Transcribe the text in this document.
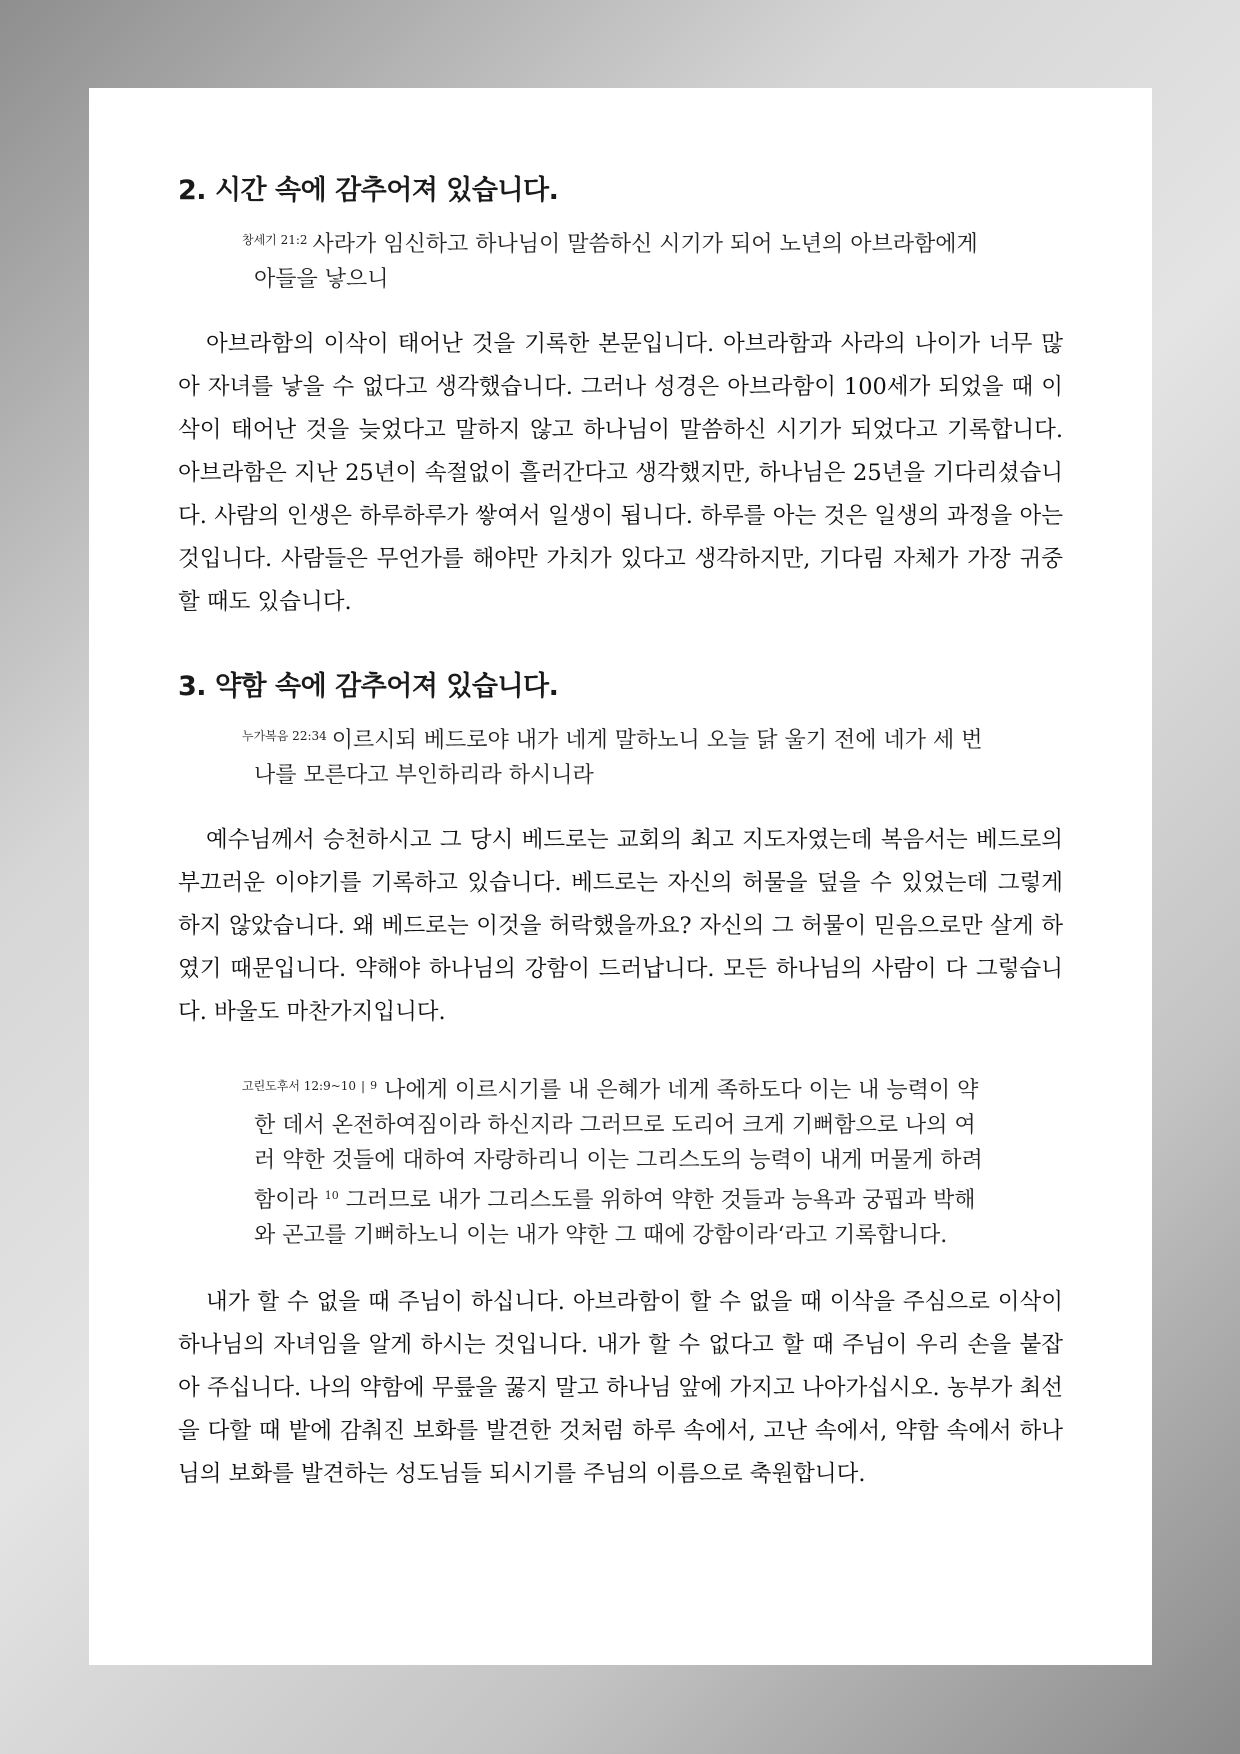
2. 시간 속에 감추어져 있습니다.

$^{창세기 21:2}$ 사라가 임신하고 하나님이 말씀하신 시기가 되어 노년의 아브라함에게 아들을 낳으니

아브라함의 이삭이 태어난 것을 기록한 본문입니다. 아브라함과 사라의 나이가 너무 많아 자녀를 낳을 수 없다고 생각했습니다. 그러나 성경은 아브라함이 100세가 되었을 때 이삭이 태어난 것을 늦었다고 말하지 않고 하나님이 말씀하신 시기가 되었다고 기록합니다. 아브라함은 지난 25년이 속절없이 흘러간다고 생각했지만, 하나님은 25년을 기다리셨습니다. 사람의 인생은 하루하루가 쌓여서 일생이 됩니다. 하루를 아는 것은 일생의 과정을 아는 것입니다. 사람들은 무언가를 해야만 가치가 있다고 생각하지만, 기다림 자체가 가장 귀중할 때도 있습니다.

3. 약함 속에 감추어져 있습니다.

$^{누가복음 22:34}$ 이르시되 베드로야 내가 네게 말하노니 오늘 닭 울기 전에 네가 세 번 나를 모른다고 부인하리라 하시니라

예수님께서 승천하시고 그 당시 베드로는 교회의 최고 지도자였는데 복음서는 베드로의 부끄러운 이야기를 기록하고 있습니다. 베드로는 자신의 허물을 덮을 수 있었는데 그렇게 하지 않았습니다. 왜 베드로는 이것을 허락했을까요? 자신의 그 허물이 믿음으로만 살게 하였기 때문입니다. 약해야 하나님의 강함이 드러납니다. 모든 하나님의 사람이 다 그렇습니다. 바울도 마찬가지입니다.

$^{고린도후서 12:9\sim 10}$ | $^9$ 나에게 이르시기를 내 은혜가 네게 족하도다 이는 내 능력이 약한 데서 온전하여짐이라 하신지라 그러므로 도리어 크게 기뻐함으로 나의 여러 약한 것들에 대하여 자랑하리니 이는 그리스도의 능력이 내게 머물게 하려 함이라 $^{10}$ 그러므로 내가 그리스도를 위하여 약한 것들과 능욕과 궁핍과 박해와 곤고를 기뻐하노니 이는 내가 약한 그 때에 강함이라‘라고 기록합니다.

내가 할 수 없을 때 주님이 하십니다. 아브라함이 할 수 없을 때 이삭을 주심으로 이삭이 하나님의 자녀임을 알게 하시는 것입니다. 내가 할 수 없다고 할 때 주님이 우리 손을 붙잡아 주십니다. 나의 약함에 무릎을 꿇지 말고 하나님 앞에 가지고 나아가십시오. 농부가 최선을 다할 때 밭에 감춰진 보화를 발견한 것처럼 하루 속에서, 고난 속에서, 약함 속에서 하나님의 보화를 발견하는 성도님들 되시기를 주님의 이름으로 축원합니다.
